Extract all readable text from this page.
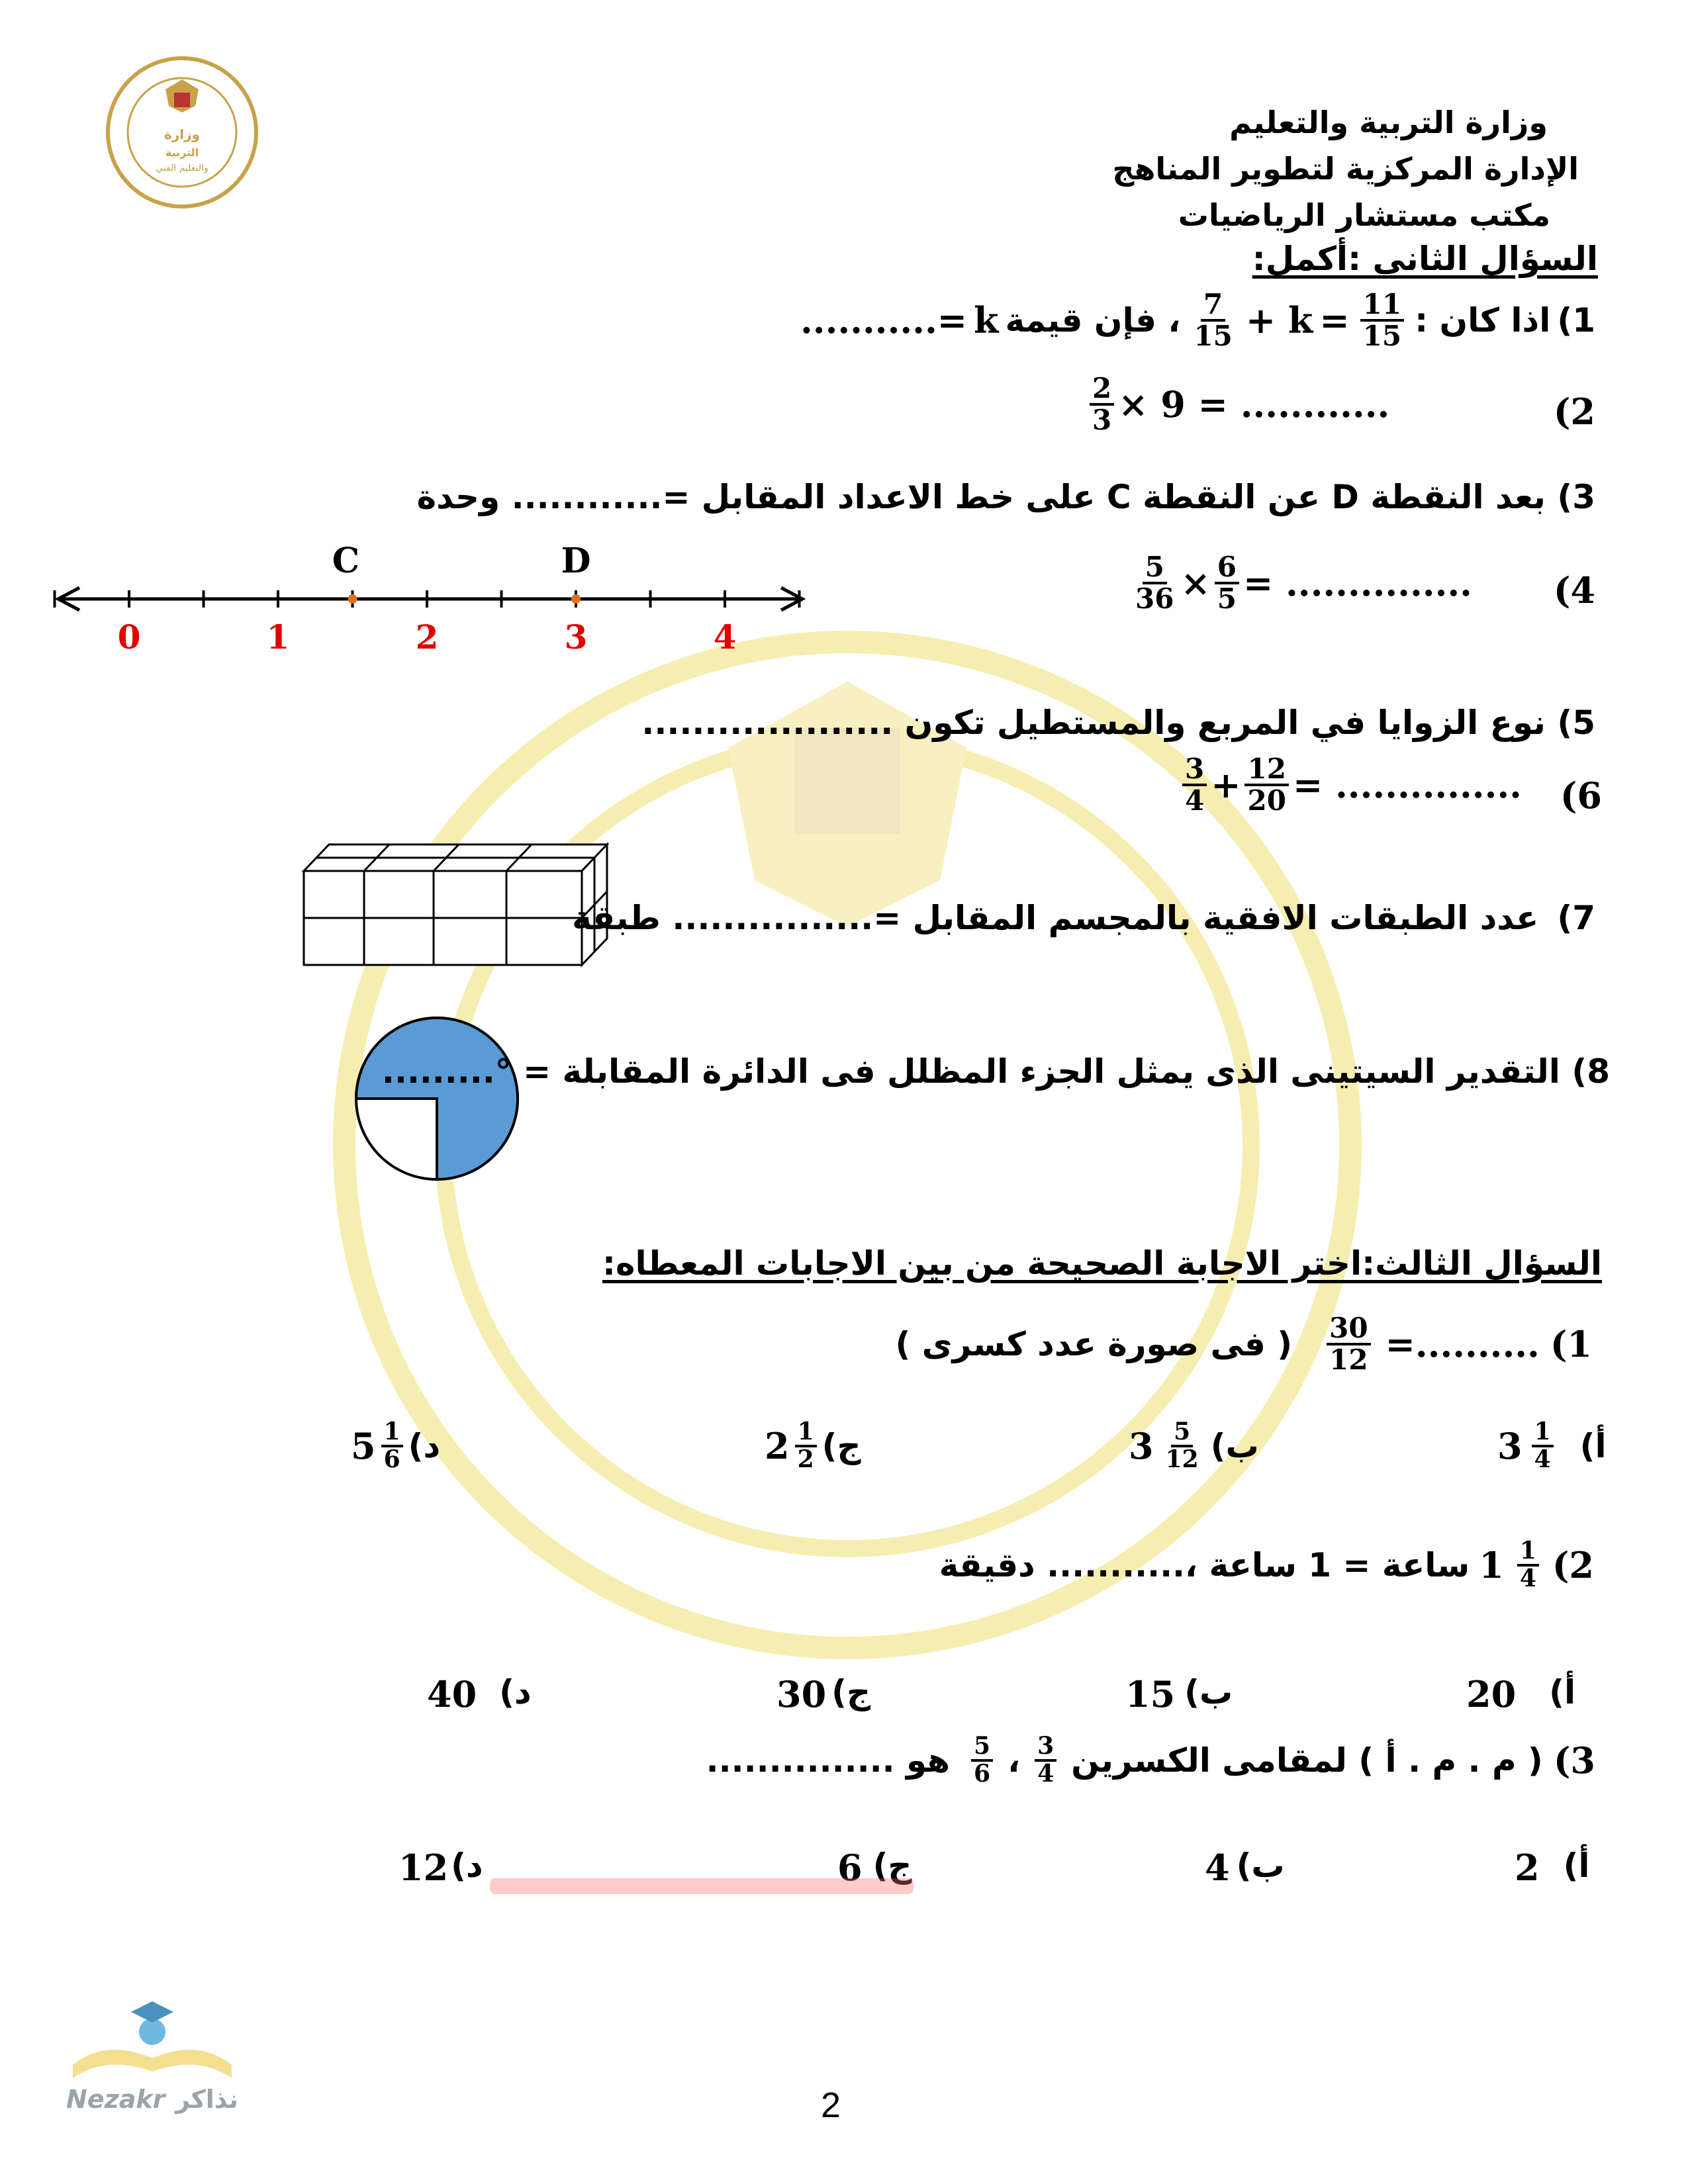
وزارة
التربية
والتعليم الفني
وزارة التربية والتعليم
الإدارة المركزية لتطوير المناهج
مكتب مستشار الرياضيات
السؤال الثانى :أكمل:
1)
اذا كان :
$\frac{11}{15}$
=
+ k
$\frac{7}{15}$
، فإن قيمة
k
=...........
$\frac{2}{3} \times 9$ = ............	(2
3) بعد النقطة D عن النقطة C على خط الاعداد المقابل =............ وحدة
0	1	2	3	4
C	D	$\frac{5}{36} \times \frac{6}{5}$ = ............... (4
5) نوع الزوايا في المربع والمستطيل تكون ....................
$\frac{3}{4} + \frac{12}{20}$ = ............... (6
7)
عدد الطبقات الافقية بالمجسم المقابل =................ طبقة
8) التقدير السيتينى الذى يمثل الجزء المظلل فى الدائرة المقابلة = °.........
السؤال الثالث:اختر الاجابة الصحيحة من بين الاجابات المعطاه:
1)
..........=
$\frac{30}{12}$
( فى صورة عدد كسرى )
$3 \frac{1}{4}$ أ)
$3 \frac{5}{12}$ ب)
$2 \frac{1}{2}$ ج)
$5 \frac{1}{6}$ د)
(2
$\frac{1}{4}$
1
ساعة = 1 ساعة ،........... دقيقة
20 أ)
15 ب)
30 ج)
40 د)
3)
( م . م . أ ) لمقامى الكسرين
$\frac{3}{4}$
،
$\frac{5}{6}$
هو ...............
2 أ)
4 ب)
6 ج)
12 د)
Nezakr نذاكر	2
